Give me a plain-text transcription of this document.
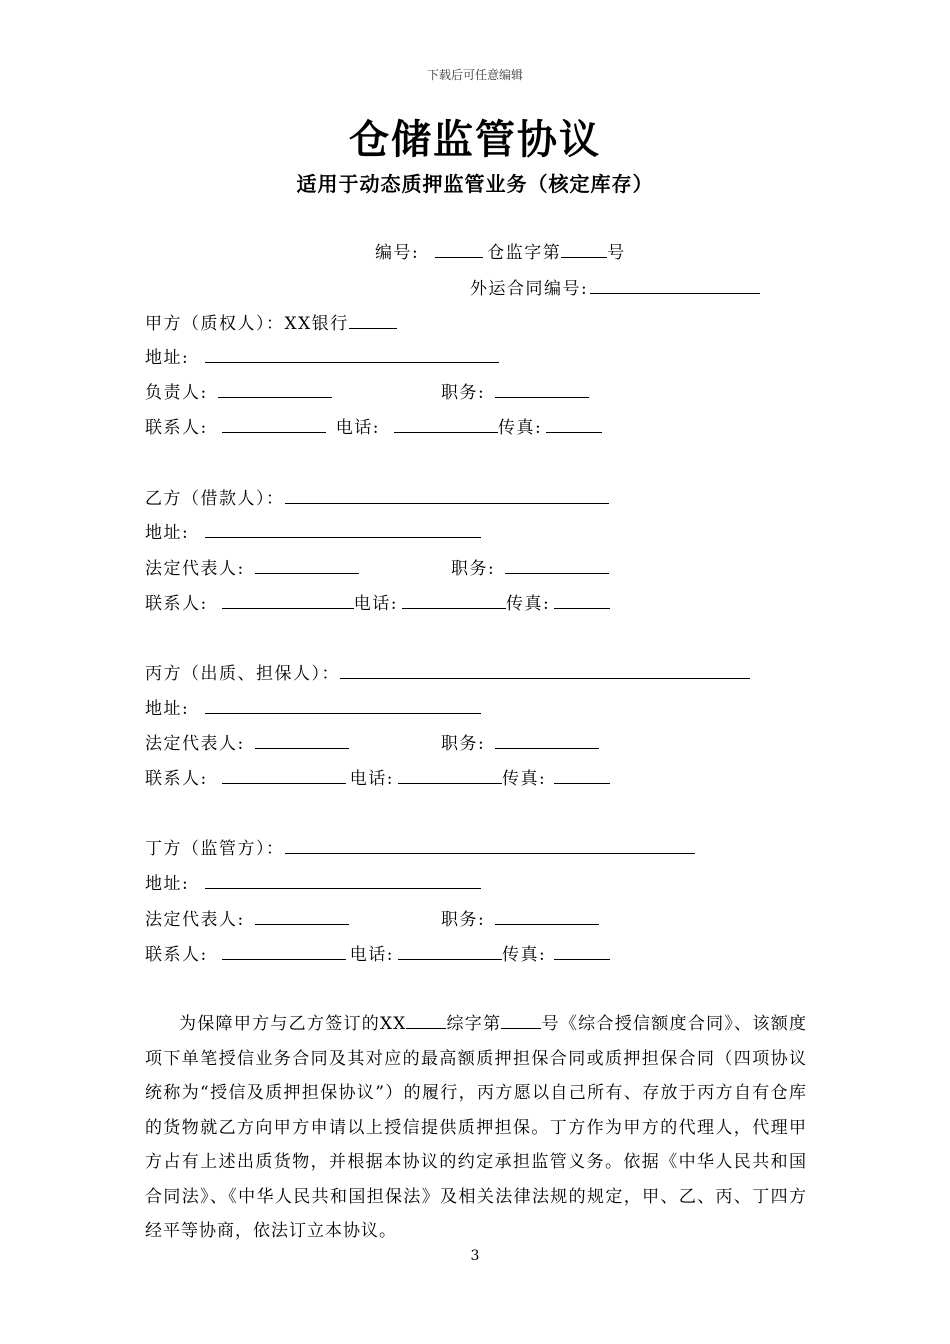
下载后可任意编辑
仓储监管协议
适用于动态质押监管业务（核定库存）
编号:	仓监字第	号
外运合同编号:
甲方（质权人）：XX银行
地址:
负责人:	职务:
联系人:	电话:	传真:
乙方（借款人）：
地址:
法定代表人:	职务:
联系人:	电话:	传真:
丙方（出质、担保人）：
地址:
法定代表人:	职务:
联系人:	电话:	传真:
丁方（监管方）：
地址:
法定代表人:	职务:
联系人:	电话:	传真:
为保障甲方与乙方签订的XX 综字第 号《综合授信额度合同》、该额度项下单笔授信业务合同及其对应的最高额质押担保合同或质押担保合同（四项协议统称为“授信及质押担保协议”）的履行，丙方愿以自己所有、存放于丙方自有仓库的货物就乙方向甲方申请以上授信提供质押担保。丁方作为甲方的代理人，代理甲方占有上述出质货物，并根据本协议的约定承担监管义务。依据《中华人民共和国合同法》、《中华人民共和国担保法》及相关法律法规的规定，甲、乙、丙、丁四方经平等协商，依法订立本协议。
3
